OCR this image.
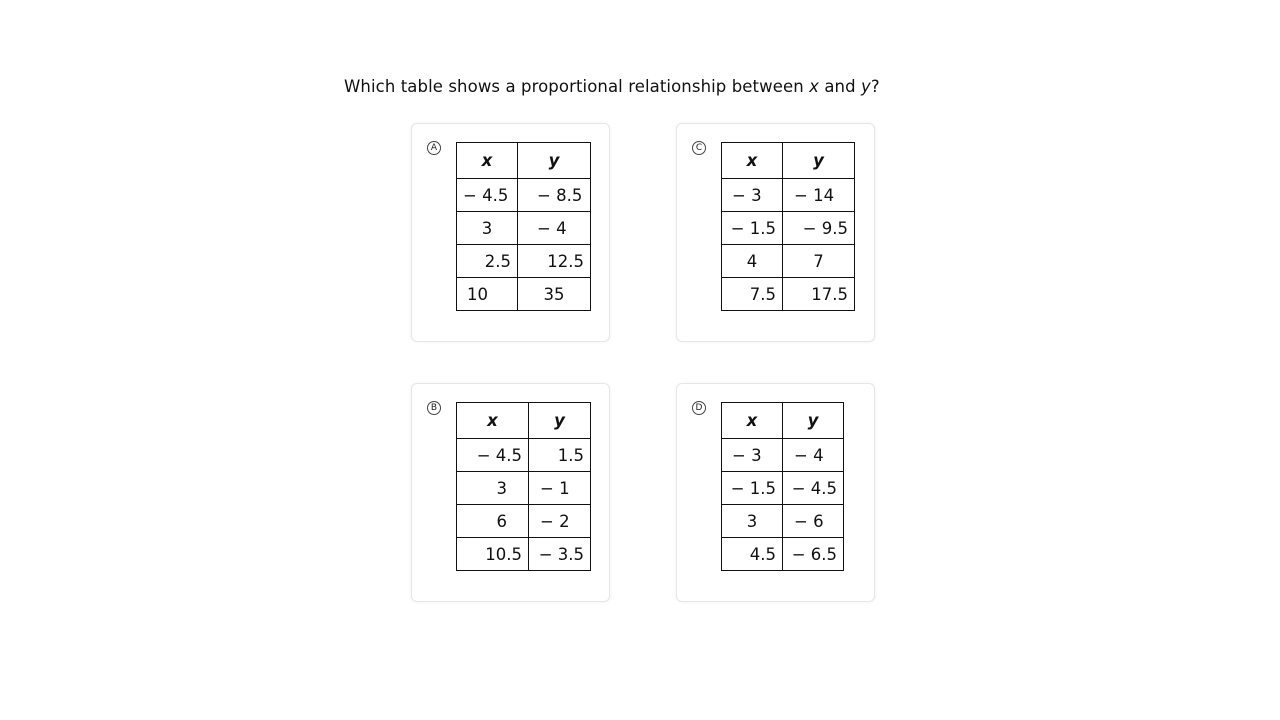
Which table shows a proportional relationship between x and y?
A
x	y
− 4.5	− 8.5
3	− 4
2.5	12.5
10	35
C
x	y
− 3	− 14
− 1.5	− 9.5
4	7
7.5	17.5
B
x	y
− 4.5	1.5
3	− 1
6	− 2
10.5	− 3.5
D
x	y
− 3	− 4
− 1.5	− 4.5
3	− 6
4.5	− 6.5
